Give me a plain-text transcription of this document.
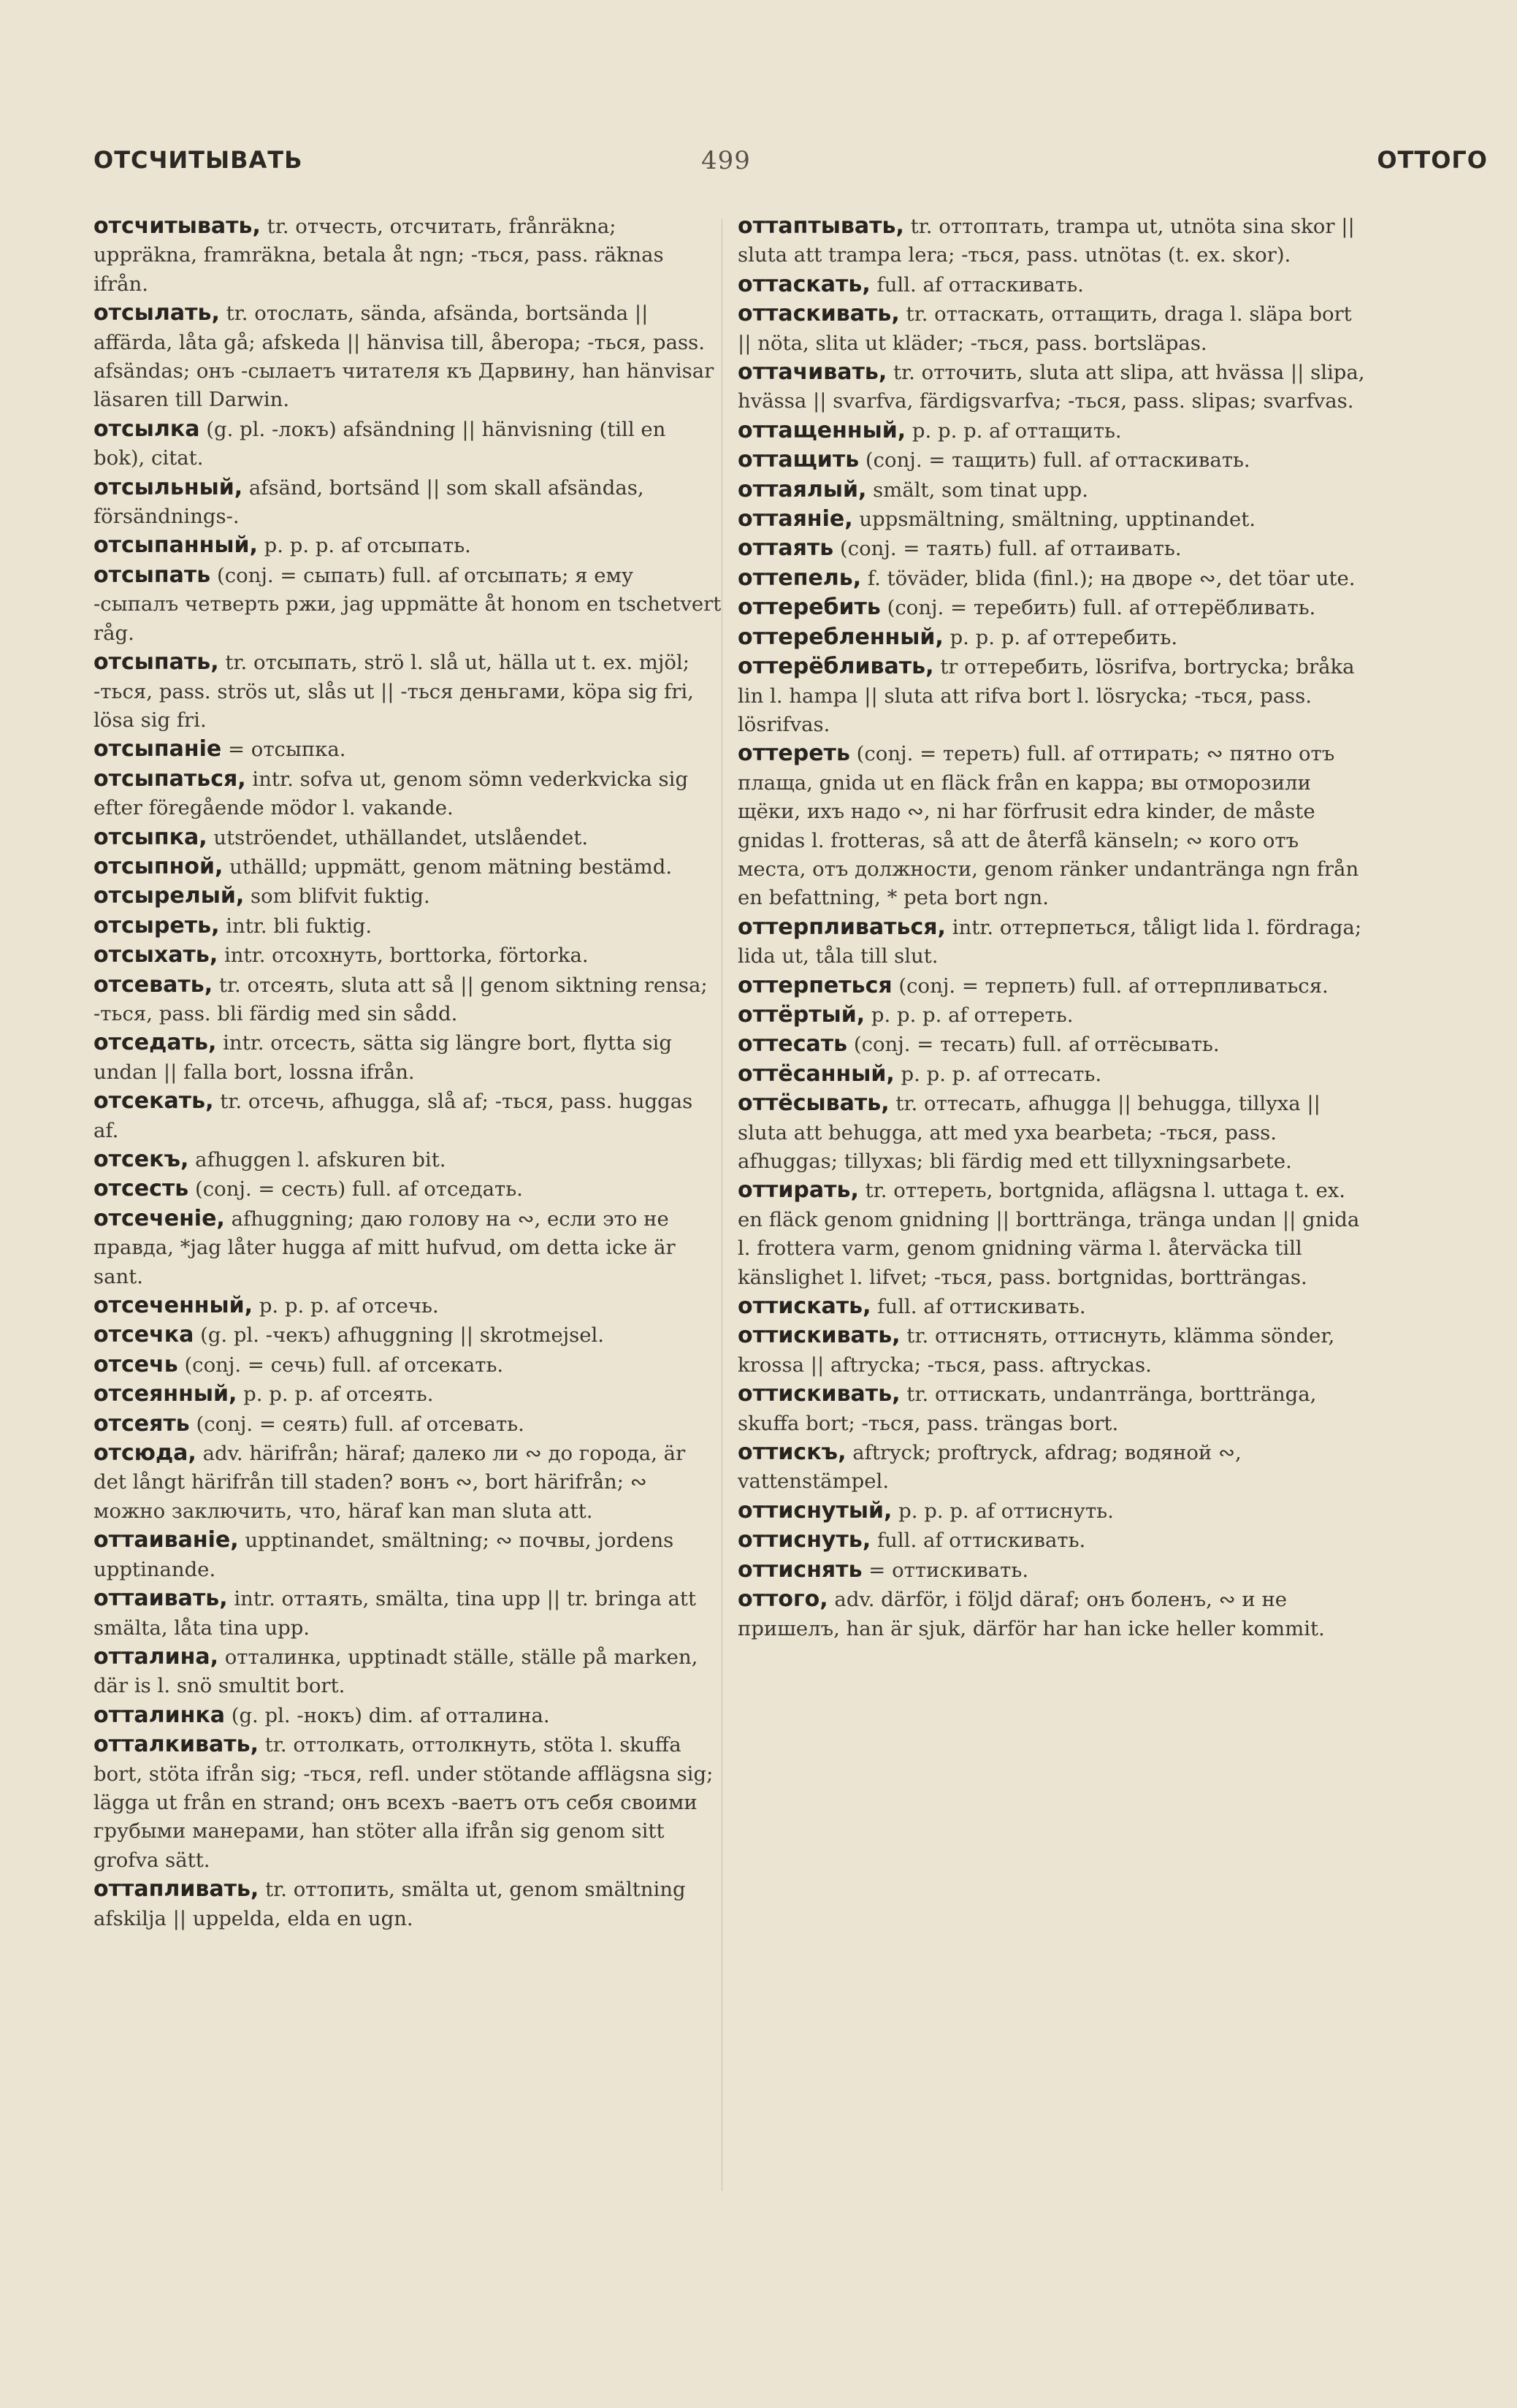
ОТСЧИТЫВАТЬ	499	ОТТОГО

отсчитывать, tr. отчесть, отсчитать, frånräkna; uppräkna, framräkna, betala åt ngn; -ться, pass. räknas ifrån.

отсылать, tr. отослать, sända, afsända, bortsända || affärda, låta gå; afskeda || hänvisa till, åberopa; -ться, pass. afsändas; онъ -сылаетъ читателя къ Дарвину, han hänvisar läsaren till Darwin.

отсылка (g. pl. -локъ) afsändning || hänvisning (till en bok), citat.

отсыльный, afsänd, bortsänd || som skall afsändas, försändnings-.

отсыпанный, p. p. p. af отсыпать.

отсыпать (conj. = сыпать) full. af отсыпать; я ему -сыпалъ четверть ржи, jag uppmätte åt honom en tschetvert råg.

отсыпать, tr. отсыпать, strö l. slå ut, hälla ut t. ex. mjöl; -ться, pass. strös ut, slås ut || -ться деньгами, köpa sig fri, lösa sig fri.

отсыпаніе = отсыпка.

отсыпаться, intr. sofva ut, genom sömn vederkvicka sig efter föregående mödor l. vakande.

отсыпка, utströendet, uthällandet, utslåendet.

отсыпной, uthälld; uppmätt, genom mätning bestämd.

отсырелый, som blifvit fuktig.

отсыреть, intr. bli fuktig.

отсыхать, intr. отсохнуть, borttorka, förtorka.

отсевать, tr. отсеять, sluta att så || genom siktning rensa; -ться, pass. bli färdig med sin sådd.

отседать, intr. отсесть, sätta sig längre bort, flytta sig undan || falla bort, lossna ifrån.

отсекать, tr. отсечь, afhugga, slå af; -ться, pass. huggas af.

отсекъ, afhuggen l. afskuren bit.

отсесть (conj. = сесть) full. af отседать.

отсеченіе, afhuggning; даю голову на ∾, если это не правда, *jag låter hugga af mitt hufvud, om detta icke är sant.

отсеченный, p. p. p. af отсечь.

отсечка (g. pl. -чекъ) afhuggning || skrotmejsel.

отсечь (conj. = сечь) full. af отсекать.

отсеянный, p. p. p. af отсеять.

отсеять (conj. = сеять) full. af отсевать.

отсюда, adv. härifrån; häraf; далеко ли ∾ до города, är det långt härifrån till staden? вонъ ∾, bort härifrån; ∾ можно заключить, что, häraf kan man sluta att.

оттаиваніе, upptinandet, smältning; ∾ почвы, jordens upptinande.

оттаивать, intr. оттаять, smälta, tina upp || tr. bringa att smälta, låta tina upp.

отталина, отталинка, upptinadt ställe, ställe på marken, där is l. snö smultit bort.

отталинка (g. pl. -нокъ) dim. af отталина.

отталкивать, tr. оттолкать, оттолкнуть, stöta l. skuffa bort, stöta ifrån sig; -ться, refl. under stötande afflägsna sig; lägga ut från en strand; онъ всехъ -ваетъ отъ себя своими грубыми манерами, han stöter alla ifrån sig genom sitt grofva sätt.

оттапливать, tr. оттопить, smälta ut, genom smältning afskilja || uppelda, elda en ugn.

оттаптывать, tr. оттоптать, trampa ut, utnöta sina skor || sluta att trampa lera; -ться, pass. utnötas (t. ex. skor).

оттаскать, full. af оттаскивать.

оттаскивать, tr. оттаскать, оттащить, draga l. släpa bort || nöta, slita ut kläder; -ться, pass. bortsläpas.

оттачивать, tr. отточить, sluta att slipa, att hvässa || slipa, hvässa || svarfva, färdigsvarfva; -ться, pass. slipas; svarfvas.

оттащенный, p. p. p. af оттащить.

оттащить (conj. = тащить) full. af оттаскивать.

оттаялый, smält, som tinat upp.

оттаяніе, uppsmältning, smältning, upptinandet.

оттаять (conj. = таять) full. af оттаивать.

оттепель, f. töväder, blida (finl.); на дворе ∾, det töar ute.

оттеребить (conj. = теребить) full. af оттерёбливать.

оттеребленный, p. p. p. af оттеребить.

оттерёбливать, tr оттеребить, lösrifva, bortrycka; bråka lin l. hampa || sluta att rifva bort l. lösrycka; -ться, pass. lösrifvas.

оттереть (conj. = тереть) full. af оттирать; ∾ пятно отъ плаща, gnida ut en fläck från en kappa; вы отморозили щёки, ихъ надо ∾, ni har förfrusit edra kinder, de måste gnidas l. frotteras, så att de återfå känseln; ∾ кого отъ места, отъ должности, genom ränker undantränga ngn från en befattning, * peta bort ngn.

оттерпливаться, intr. оттерпеться, tåligt lida l. fördraga; lida ut, tåla till slut.

оттерпеться (conj. = терпеть) full. af оттерпливаться.

оттёртый, p. p. p. af оттереть.

оттесать (conj. = тесать) full. af оттёсывать.

оттёсанный, p. p. p. af оттесать.

оттёсывать, tr. оттесать, afhugga || behugga, tillyxa || sluta att behugga, att med yxa bearbeta; -ться, pass. afhuggas; tillyxas; bli färdig med ett tillyxningsarbete.

оттирать, tr. оттереть, bortgnida, aflägsna l. uttaga t. ex. en fläck genom gnidning || bortträngа, tränga undan || gnida l. frottera varm, genom gnidning värma l. återväcka till känslighet l. lifvet; -ться, pass. bortgnidas, bortträngas.

оттискать, full. af оттискивать.

оттискивать, tr. оттиснять, оттиснуть, klämma sönder, krossa || aftrycka; -ться, pass. aftryckas.

оттискивать, tr. оттискать, undanтränga, bortträngа, skuffa bort; -ться, pass. trängas bort.

оттискъ, aftryck; proftryck, afdrag; водяной ∾, vattenstämpel.

оттиснутый, p. p. p. af оттиснуть.

оттиснуть, full. af оттискивать.

оттиснять = оттискивать.

оттого, adv. därför, i följd däraf; онъ боленъ, ∾ и не пришелъ, han är sjuk, därför har han icke heller kommit.
